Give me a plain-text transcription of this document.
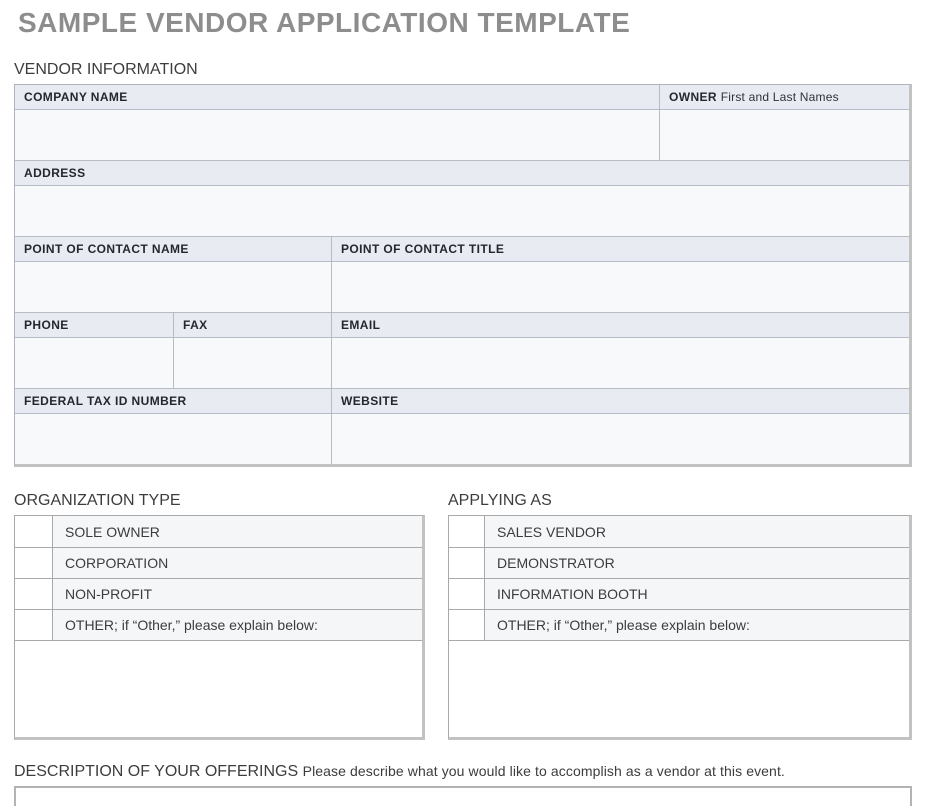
SAMPLE VENDOR APPLICATION TEMPLATE
VENDOR INFORMATION
COMPANY NAME	OWNER First and Last Names
ADDRESS
POINT OF CONTACT NAME	POINT OF CONTACT TITLE
PHONE	FAX	EMAIL
FEDERAL TAX ID NUMBER	WEBSITE
ORGANIZATION TYPE
SOLE OWNER
CORPORATION
NON-PROFIT
OTHER; if “Other,” please explain below:
APPLYING AS
SALES VENDOR
DEMONSTRATOR
INFORMATION BOOTH
OTHER; if “Other,” please explain below:
DESCRIPTION OF YOUR OFFERINGS Please describe what you would like to accomplish as a vendor at this event.
